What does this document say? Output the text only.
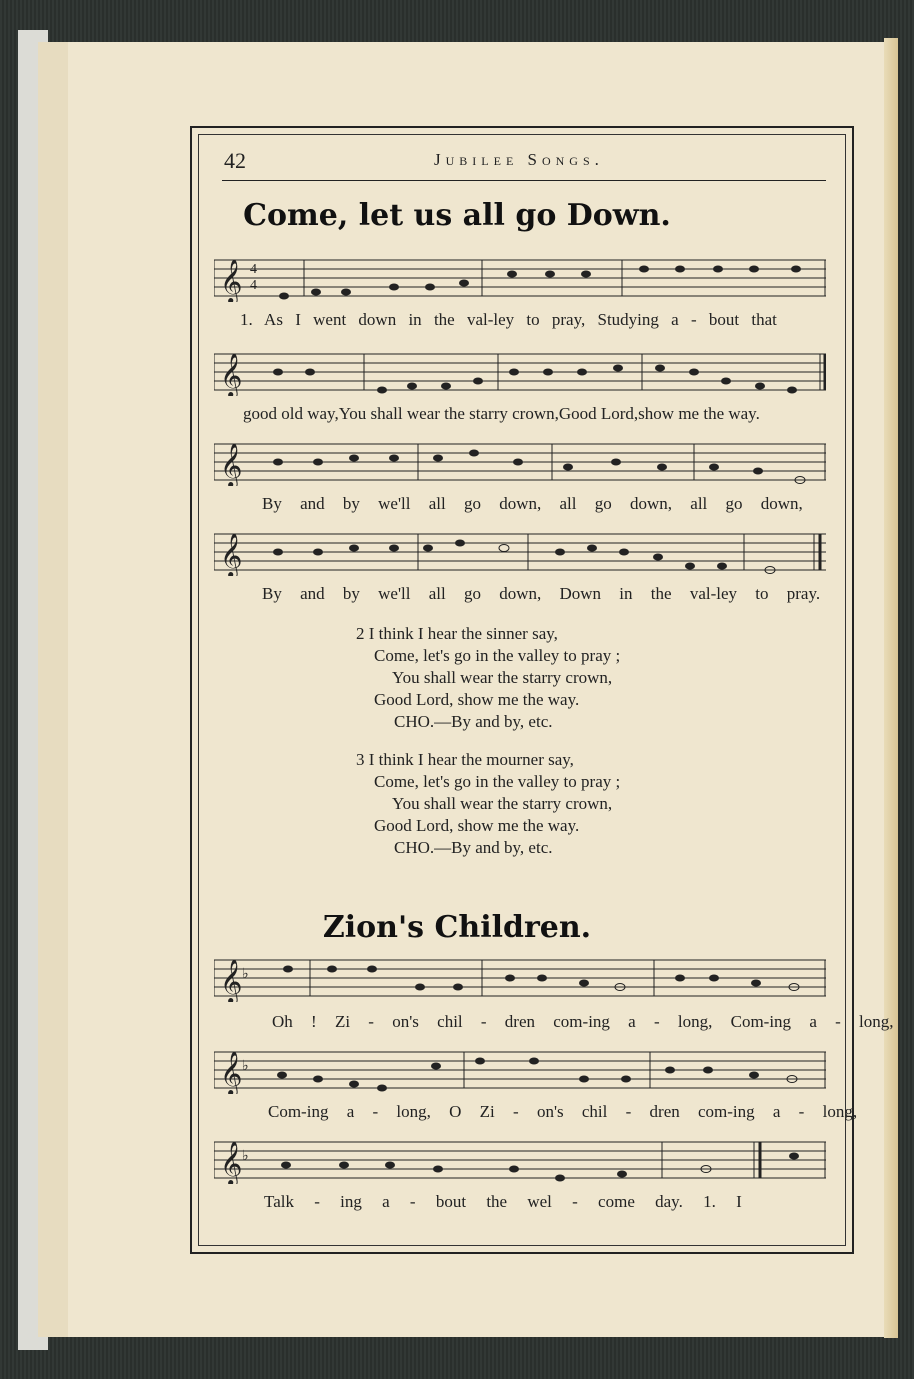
42	Jubilee Songs.
Come, let us all go Down.
𝄞 4
4
1. As I went down in the val-ley to pray, Studying a - bout that
𝄞
good old way,You shall wear the starry crown,Good Lord,show me the way.
𝄞
By and by we'll all go down, all go down, all go down,
𝄞
By and by we'll all go down, Down in the val-ley to pray.
2 I think I hear the sinner say,
Come, let's go in the valley to pray ;
You shall wear the starry crown,
Good Lord, show me the way.
CHO.—By and by, etc.
3 I think I hear the mourner say,
Come, let's go in the valley to pray ;
You shall wear the starry crown,
Good Lord, show me the way.
CHO.—By and by, etc.
Zion's Children.
𝄞 ♭
Oh ! Zi - on's chil - dren com-ing a - long, Com-ing a - long,
𝄞 ♭
Com-ing a - long, O Zi - on's chil - dren com-ing a - long,
𝄞 ♭
Talk - ing a - bout the wel - come day. 1. I
